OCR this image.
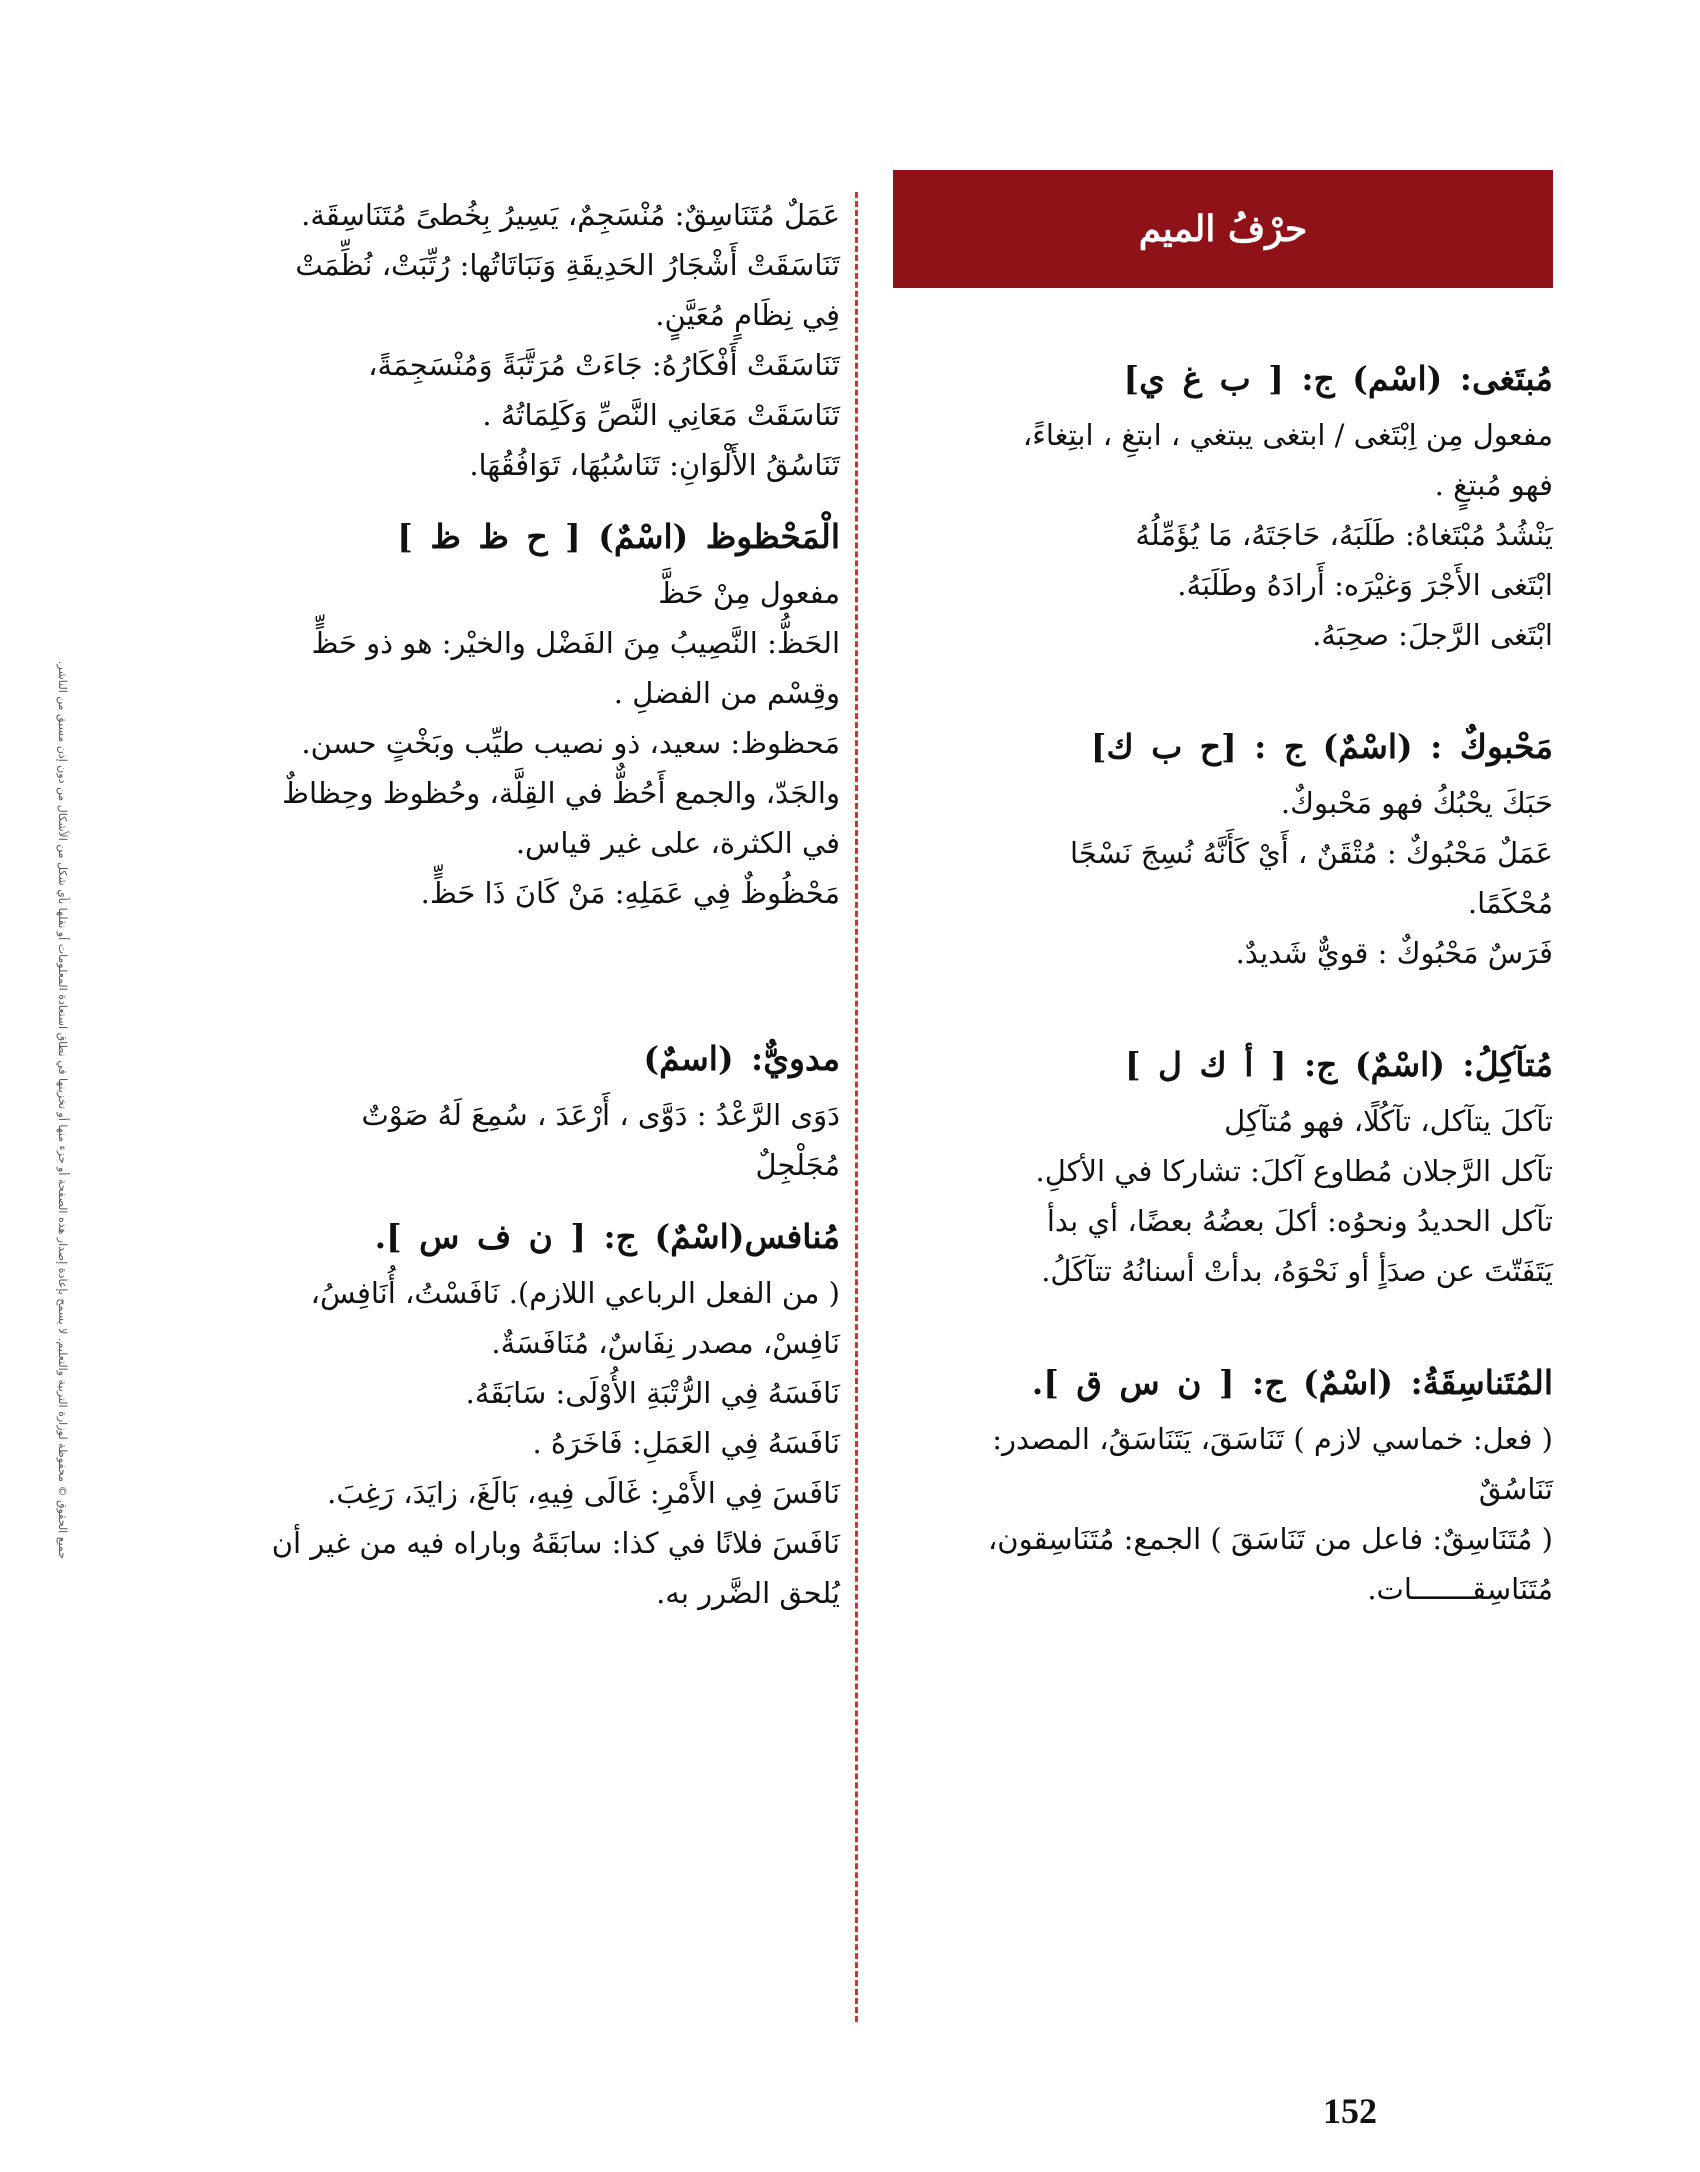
جميع الحقوق © محفوظة لوزارة التربية والتعليم. لا يسمح بإعادة إصدار هذه الصفحة أو جزء منها أو تخزينها في نطاق استعادة المعلومات أو نقلها بأي شكل من الأشكال من دون إذن مسبق من الناشر.
حرْفُ الميم
مُبتَغى: (اسْم) ج: [ ب غ ي]
مفعول مِن اِبْتَغى / ابتغى يبتغي ، ابتغِ ، ابتِغاءً،
فهو مُبتغٍ .
يَنْشُدُ مُبْتَغاهُ: طَلَبَهُ، حَاجَتَهُ، مَا يُؤَمِّلُهُ
ابْتَغى الأَجْرَ وَغيْرَه: أَرادَهُ وطَلَبَهُ.
ابْتَغى الرَّجلَ: صحِبَهُ.
مَحْبوكٌ : (اسْمٌ) ج : [ح ب ك]
حَبَكَ يحْبُكُ فهو مَحْبوكٌ.
عَمَلٌ مَحْبُوكٌ : مُتْقَنٌ ، أَيْ كَأَنَّهُ نُسِجَ نَسْجًا
مُحْكَمًا.
فَرَسٌ مَحْبُوكٌ : قويٌّ شَديدٌ.
مُتآكِلُ: (اسْمٌ) ج: [ أ ك ل ]
تآكلَ يتآكل، تآكُلًا، فهو مُتآكِل
تآكل الرَّجلان مُطاوع آكلَ: تشاركا في الأكلِ.
تآكل الحديدُ ونحوُه: أكلَ بعضُهُ بعضًا، أي بدأ
يَتَفَتّتَ عن صدَأٍ أو نَحْوَهُ، بدأتْ أسنانُهُ تتآكَلُ.
المُتَناسِقَةُ: (اسْمٌ) ج: [ ن س ق ].
( فعل: خماسي لازم ) تَنَاسَقَ، يَتَنَاسَقُ، المصدر:
تَنَاسُقٌ
( مُتَنَاسِقٌ: فاعل من تَنَاسَقَ ) الجمع: مُتَنَاسِقون،
مُتَنَاسِقـــــــات.
عَمَلٌ مُتَنَاسِقٌ: مُنْسَجِمٌ، يَسِيرُ بِخُطىً مُتَنَاسِقَة.
تَنَاسَقَتْ أَشْجَارُ الحَدِيقَةِ وَنَبَاتَاتُها: رُتِّبَتْ، نُظِّمَتْ
فِي نِظَامٍ مُعَيَّنٍ.
تَنَاسَقَتْ أَفْكَارُهُ: جَاءَتْ مُرَتَّبَةً وَمُنْسَجِمَةً،
تَنَاسَقَتْ مَعَانِي النَّصِّ وَكَلِمَاتُهُ .
تَنَاسُقُ الأَلْوَانِ: تَنَاسُبُهَا، تَوَافُقُهَا.
الْمَحْظوظ (اسْمٌ) [ ح ظ ظ ]
مفعول مِنْ حَظَّ
الحَظُّ: النَّصِيبُ مِنَ الفَضْل والخيْر: هو ذو حَظٍّ
وقِسْم من الفضلِ .
مَحظوظ: سعيد، ذو نصيب طيِّب وبَخْتٍ حسن.
والجَدّ، والجمع أَحُظٌّ في القِلَّة، وحُظوظ وحِظاظٌ
في الكثرة، على غير قياس.
مَحْظُوظٌ فِي عَمَلِهِ: مَنْ كَانَ ذَا حَظٍّ.
مدويٌّ: (اسمٌ)
دَوَى الرَّعْدُ : دَوَّى ، أَرْعَدَ ، سُمِعَ لَهُ صَوْتٌ
مُجَلْجِلٌ
مُنافس(اسْمٌ) ج: [ ن ف س ].
( من الفعل الرباعي اللازم). نَافَسْتُ، أُنَافِسُ،
نَافِسْ، مصدر نِفَاسٌ، مُنَافَسَةٌ.
نَافَسَهُ فِي الرُّتْبَةِ الأُوْلَى: سَابَقَهُ.
نَافَسَهُ فِي العَمَلِ: فَاخَرَهُ .
نَافَسَ فِي الأَمْرِ: غَالَى فِيهِ، بَالَغَ، زايَدَ، رَغِبَ.
نَافَسَ فلانًا في كذا: سابَقَهُ وباراه فيه من غير أن
يُلحق الضَّرر به.
152
